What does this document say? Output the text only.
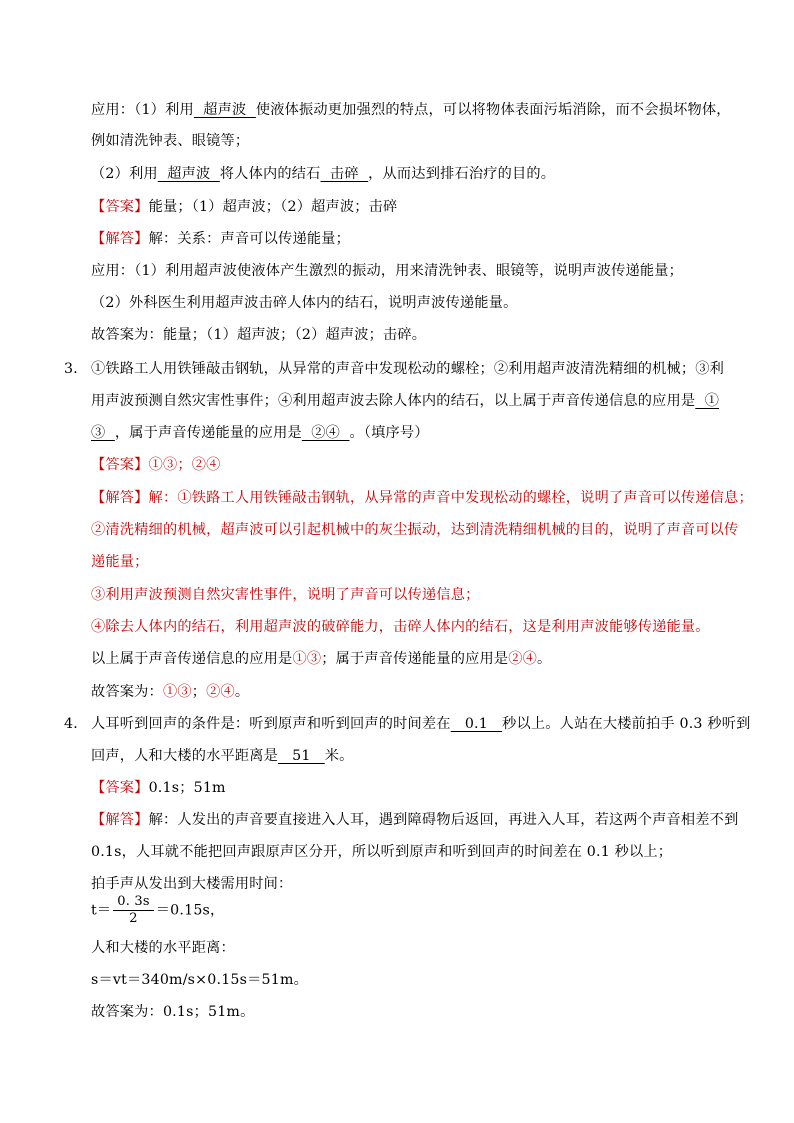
应用：（1）利用  超声波  使液体振动更加强烈的特点，可以将物体表面污垢消除，而不会损坏物体，
例如清洗钟表、眼镜等；
（2）利用  超声波  将人体内的结石  击碎  ，从而达到排石治疗的目的。
【答案】能量；（1）超声波；（2）超声波；击碎
【解答】解：关系：声音可以传递能量；
应用：（1）利用超声波使液体产生激烈的振动，用来清洗钟表、眼镜等，说明声波传递能量；
（2）外科医生利用超声波击碎人体内的结石，说明声波传递能量。
故答案为：能量；（1）超声波；（2）超声波；击碎。
3． ①铁路工人用铁锤敲击钢轨，从异常的声音中发现松动的螺栓；②利用超声波清洗精细的机械；③利
用声波预测自然灾害性事件；④利用超声波去除人体内的结石，以上属于声音传递信息的应用是  ①
③  ，属于声音传递能量的应用是  ②④  。（填序号）
【答案】①③；②④
【解答】解：①铁路工人用铁锤敲击钢轨，从异常的声音中发现松动的螺栓，说明了声音可以传递信息；
②清洗精细的机械，超声波可以引起机械中的灰尘振动，达到清洗精细机械的目的，说明了声音可以传
递能量；
③利用声波预测自然灾害性事件，说明了声音可以传递信息；
④除去人体内的结石，利用超声波的破碎能力，击碎人体内的结石，这是利用声波能够传递能量。
以上属于声音传递信息的应用是①③；属于声音传递能量的应用是②④。
故答案为：①③；②④。
4． 人耳听到回声的条件是：听到原声和听到回声的时间差在   0.1   秒以上。人站在大楼前拍手 0.3 秒听到
回声，人和大楼的水平距离是   51   米。
【答案】0.1s；51m
【解答】解：人发出的声音要直接进入人耳，遇到障碍物后返回，再进入人耳，若这两个声音相差不到
0.1s，人耳就不能把回声跟原声区分开，所以听到原声和听到回声的时间差在 0.1 秒以上；
拍手声从发出到大楼需用时间：
$t= \frac{0. 3s}{2} =0.15s$，
人和大楼的水平距离：
s＝vt＝340m/s×0.15s＝51m。
故答案为：0.1s；51m。
